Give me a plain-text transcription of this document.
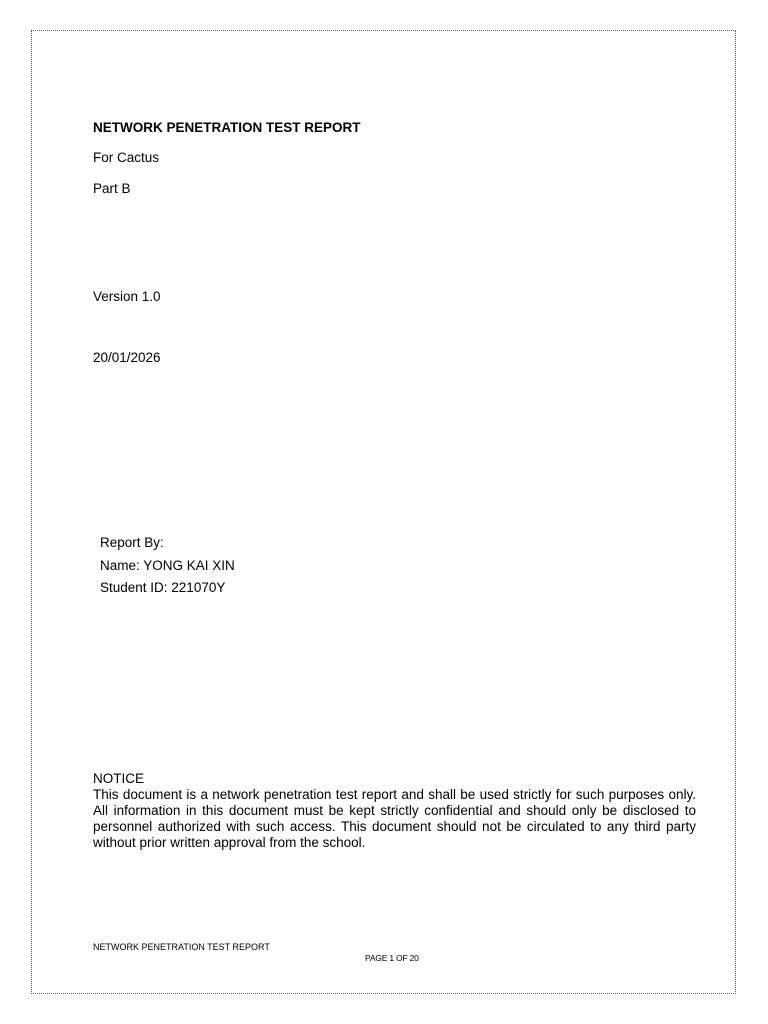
NETWORK PENETRATION TEST REPORT
For Cactus
Part B
Version 1.0
20/01/2026
Report By:
Name: YONG KAI XIN
Student ID: 221070Y
NOTICE
This document is a network penetration test report and shall be used strictly for such purposes only. All information in this document must be kept strictly confidential and should only be disclosed to personnel authorized with such access. This document should not be circulated to any third party without prior written approval from the school.
NETWORK PENETRATION TEST REPORT
PAGE 1 OF 20
